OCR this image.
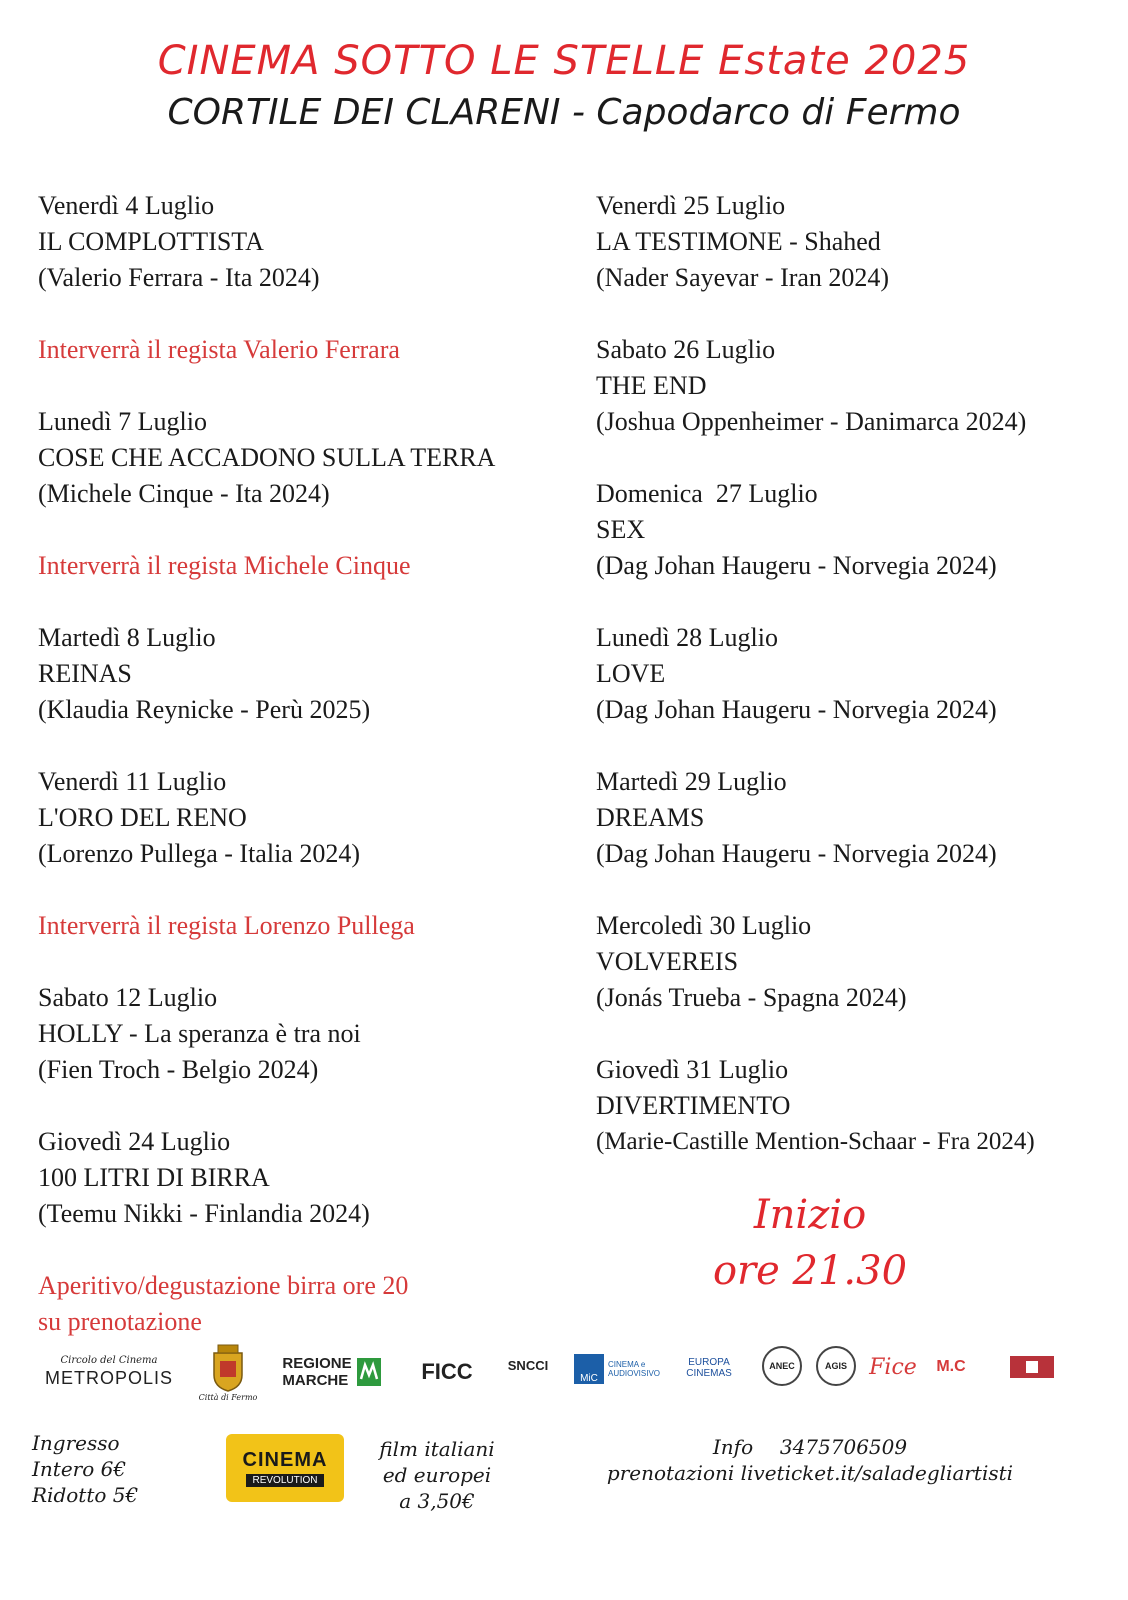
CINEMA SOTTO LE STELLE Estate 2025
CORTILE DEI CLARENI - Capodarco di Fermo

Venerdì 4 Luglio

IL COMPLOTTISTA

(Valerio Ferrara - Ita 2024)

Interverrà il regista Valerio Ferrara

Lunedì 7 Luglio

COSE CHE ACCADONO SULLA TERRA

(Michele Cinque - Ita 2024)

Interverrà il regista Michele Cinque

Martedì 8 Luglio

REINAS

(Klaudia Reynicke - Perù 2025)

Venerdì 11 Luglio

L'ORO DEL RENO

(Lorenzo Pullega - Italia 2024)

Interverrà il regista Lorenzo Pullega

Sabato 12 Luglio

HOLLY - La speranza è tra noi

(Fien Troch - Belgio 2024)

Giovedì 24 Luglio

100 LITRI DI BIRRA

(Teemu Nikki - Finlandia 2024)

Aperitivo/degustazione birra ore 20

su prenotazione

Venerdì 25 Luglio

LA TESTIMONE - Shahed

(Nader Sayevar - Iran 2024)

Sabato 26 Luglio

THE END

(Joshua Oppenheimer - Danimarca 2024)

Domenica  27 Luglio

SEX

(Dag Johan Haugeru - Norvegia 2024)

Lunedì 28 Luglio

LOVE

(Dag Johan Haugeru - Norvegia 2024)

Martedì 29 Luglio

DREAMS

(Dag Johan Haugeru - Norvegia 2024)

Mercoledì 30 Luglio

VOLVEREIS

(Jonás Trueba - Spagna 2024)

Giovedì 31 Luglio

DIVERTIMENTO

(Marie-Castille Mention-Schaar - Fra 2024)

Inizio
ore 21.30
Circolo del Cinema
METROPOLIS
Città di Fermo
REGIONE
MARCHE	FICC	SNCCI
MiC
CINEMA e
AUDIOVISIVO
EUROPA
CINEMAS
ANEC	AGIS Fice	M.C
Ingresso
Intero 6€
Ridotto 5€
CINEMA
REVOLUTION
film italiani
ed europei
a 3,50€
Info 3475706509
prenotazioni liveticket.it/saladegliartisti
